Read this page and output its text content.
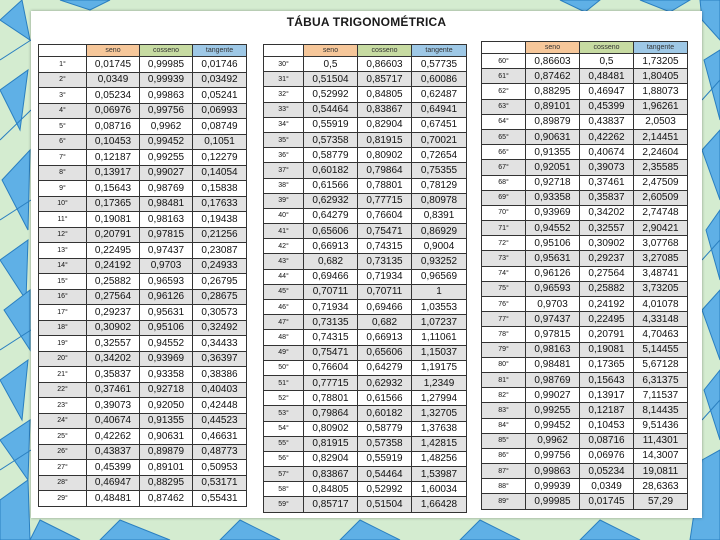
TÁBUA TRIGONOMÉTRICA
	seno	cosseno	tangente
1°	0,01745	0,99985	0,01746
2°	0,0349	0,99939	0,03492
3°	0,05234	0,99863	0,05241
4°	0,06976	0,99756	0,06993
5°	0,08716	0,9962	0,08749
6°	0,10453	0,99452	0,1051
7°	0,12187	0,99255	0,12279
8°	0,13917	0,99027	0,14054
9°	0,15643	0,98769	0,15838
10°	0,17365	0,98481	0,17633
11°	0,19081	0,98163	0,19438
12°	0,20791	0,97815	0,21256
13°	0,22495	0,97437	0,23087
14°	0,24192	0,9703	0,24933
15°	0,25882	0,96593	0,26795
16°	0,27564	0,96126	0,28675
17°	0,29237	0,95631	0,30573
18°	0,30902	0,95106	0,32492
19°	0,32557	0,94552	0,34433
20°	0,34202	0,93969	0,36397
21°	0,35837	0,93358	0,38386
22°	0,37461	0,92718	0,40403
23°	0,39073	0,92050	0,42448
24°	0,40674	0,91355	0,44523
25°	0,42262	0,90631	0,46631
26°	0,43837	0,89879	0,48773
27°	0,45399	0,89101	0,50953
28°	0,46947	0,88295	0,53171
29°	0,48481	0,87462	0,55431
	seno	cosseno	tangente
30°	0,5	0,86603	0,57735
31°	0,51504	0,85717	0,60086
32°	0,52992	0,84805	0,62487
33°	0,54464	0,83867	0,64941
34°	0,55919	0,82904	0,67451
35°	0,57358	0,81915	0,70021
36°	0,58779	0,80902	0,72654
37°	0,60182	0,79864	0,75355
38°	0,61566	0,78801	0,78129
39°	0,62932	0,77715	0,80978
40°	0,64279	0,76604	0,8391
41°	0,65606	0,75471	0,86929
42°	0,66913	0,74315	0,9004
43°	0,682	0,73135	0,93252
44°	0,69466	0,71934	0,96569
45°	0,70711	0,70711	1
46°	0,71934	0,69466	1,03553
47°	0,73135	0,682	1,07237
48°	0,74315	0,66913	1,11061
49°	0,75471	0,65606	1,15037
50°	0,76604	0,64279	1,19175
51°	0,77715	0,62932	1,2349
52°	0,78801	0,61566	1,27994
53°	0,79864	0,60182	1,32705
54°	0,80902	0,58779	1,37638
55°	0,81915	0,57358	1,42815
56°	0,82904	0,55919	1,48256
57°	0,83867	0,54464	1,53987
58°	0,84805	0,52992	1,60034
59°	0,85717	0,51504	1,66428
	seno	cosseno	tangente
60°	0,86603	0,5	1,73205
61°	0,87462	0,48481	1,80405
62°	0,88295	0,46947	1,88073
63°	0,89101	0,45399	1,96261
64°	0,89879	0,43837	2,0503
65°	0,90631	0,42262	2,14451
66°	0,91355	0,40674	2,24604
67°	0,92051	0,39073	2,35585
68°	0,92718	0,37461	2,47509
69°	0,93358	0,35837	2,60509
70°	0,93969	0,34202	2,74748
71°	0,94552	0,32557	2,90421
72°	0,95106	0,30902	3,07768
73°	0,95631	0,29237	3,27085
74°	0,96126	0,27564	3,48741
75°	0,96593	0,25882	3,73205
76°	0,9703	0,24192	4,01078
77°	0,97437	0,22495	4,33148
78°	0,97815	0,20791	4,70463
79°	0,98163	0,19081	5,14455
80°	0,98481	0,17365	5,67128
81°	0,98769	0,15643	6,31375
82°	0,99027	0,13917	7,11537
83°	0,99255	0,12187	8,14435
84°	0,99452	0,10453	9,51436
85°	0,9962	0,08716	11,4301
86°	0,99756	0,06976	14,3007
87°	0,99863	0,05234	19,0811
88°	0,99939	0,0349	28,6363
89°	0,99985	0,01745	57,29
